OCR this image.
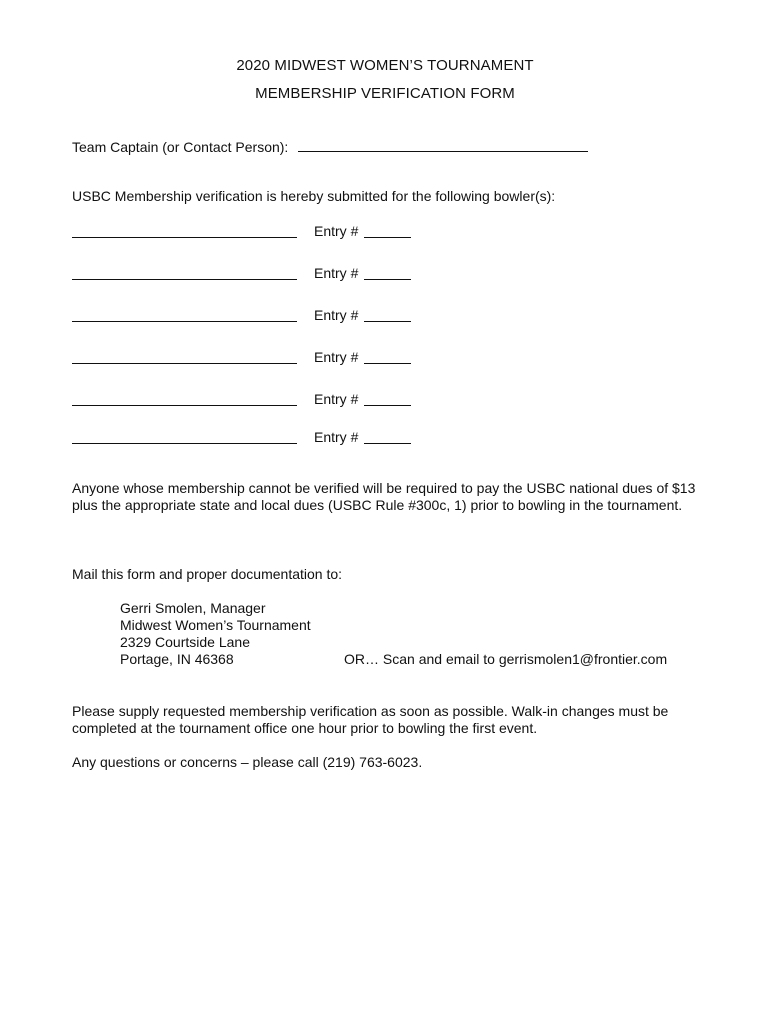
2020 MIDWEST WOMEN’S TOURNAMENT
MEMBERSHIP VERIFICATION FORM
Team Captain (or Contact Person):
USBC Membership verification is hereby submitted for the following bowler(s):
Entry #
Entry #
Entry #
Entry #
Entry #
Entry #
Anyone whose membership cannot be verified will be required to pay the USBC national dues of $13 plus the appropriate state and local dues (USBC Rule #300c, 1) prior to bowling in the tournament.
Mail this form and proper documentation to:
Gerri Smolen, Manager
Midwest Women’s Tournament
2329 Courtside Lane
Portage, IN 46368	OR… Scan and email to gerrismolen1@frontier.com
Please supply requested membership verification as soon as possible. Walk-in changes must be completed at the tournament office one hour prior to bowling the first event.
Any questions or concerns – please call (219) 763-6023.
